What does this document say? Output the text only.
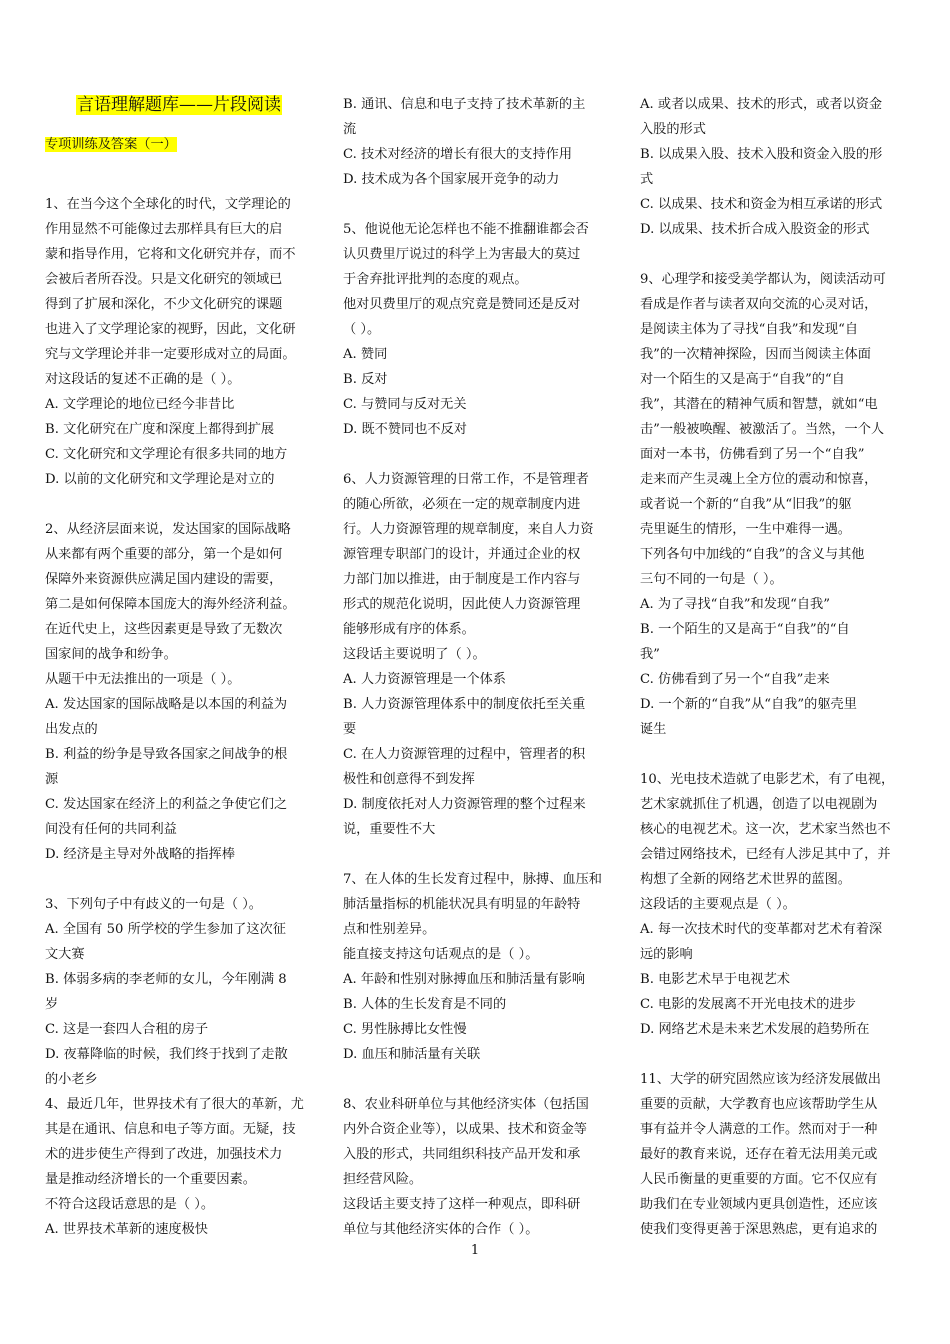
言语理解题库——片段阅读
专项训练及答案（一）

1、在当今这个全球化的时代，文学理论的

作用显然不可能像过去那样具有巨大的启

蒙和指导作用，它将和文化研究并存，而不

会被后者所吞没。只是文化研究的领域已

得到了扩展和深化，不少文化研究的课题

也进入了文学理论家的视野，因此，文化研

究与文学理论并非一定要形成对立的局面。

对这段话的复述不正确的是（ ）。

A. 文学理论的地位已经今非昔比

B. 文化研究在广度和深度上都得到扩展

C. 文化研究和文学理论有很多共同的地方

D. 以前的文化研究和文学理论是对立的

2、从经济层面来说，发达国家的国际战略

从来都有两个重要的部分，第一个是如何

保障外来资源供应满足国内建设的需要，

第二是如何保障本国庞大的海外经济利益。

在近代史上，这些因素更是导致了无数次

国家间的战争和纷争。

从题干中无法推出的一项是（ ）。

A. 发达国家的国际战略是以本国的利益为

出发点的

B. 利益的纷争是导致各国家之间战争的根

源

C. 发达国家在经济上的利益之争使它们之

间没有任何的共同利益

D. 经济是主导对外战略的指挥棒

3、下列句子中有歧义的一句是（ ）。

A. 全国有 50 所学校的学生参加了这次征

文大赛

B. 体弱多病的李老师的女儿，今年刚满 8

岁

C. 这是一套四人合租的房子

D. 夜幕降临的时候，我们终于找到了走散

的小老乡

4、最近几年，世界技术有了很大的革新，尤

其是在通讯、信息和电子等方面。无疑，技

术的进步使生产得到了改进，加强技术力

量是推动经济增长的一个重要因素。

不符合这段话意思的是（ ）。

A. 世界技术革新的速度极快

B. 通讯、信息和电子支持了技术革新的主

流

C. 技术对经济的增长有很大的支持作用

D. 技术成为各个国家展开竞争的动力

5、他说他无论怎样也不能不推翻谁都会否

认贝费里厅说过的科学上为害最大的莫过

于舍弃批评批判的态度的观点。

他对贝费里厅的观点究竟是赞同还是反对

（ ）。

A. 赞同

B. 反对

C. 与赞同与反对无关

D. 既不赞同也不反对

6、人力资源管理的日常工作，不是管理者

的随心所欲，必须在一定的规章制度内进

行。人力资源管理的规章制度，来自人力资

源管理专职部门的设计，并通过企业的权

力部门加以推进，由于制度是工作内容与

形式的规范化说明，因此使人力资源管理

能够形成有序的体系。

这段话主要说明了（ ）。

A. 人力资源管理是一个体系

B. 人力资源管理体系中的制度依托至关重

要

C. 在人力资源管理的过程中，管理者的积

极性和创意得不到发挥

D. 制度依托对人力资源管理的整个过程来

说，重要性不大

7、在人体的生长发育过程中，脉搏、血压和

肺活量指标的机能状况具有明显的年龄特

点和性别差异。

能直接支持这句话观点的是（ ）。

A. 年龄和性别对脉搏血压和肺活量有影响

B. 人体的生长发育是不同的

C. 男性脉搏比女性慢

D. 血压和肺活量有关联

8、农业科研单位与其他经济实体（包括国

内外合资企业等），以成果、技术和资金等

入股的形式，共同组织科技产品开发和承

担经营风险。

这段话主要支持了这样一种观点，即科研

单位与其他经济实体的合作（ ）。

A. 或者以成果、技术的形式，或者以资金

入股的形式

B. 以成果入股、技术入股和资金入股的形

式

C. 以成果、技术和资金为相互承诺的形式

D. 以成果、技术折合成入股资金的形式

9、心理学和接受美学都认为，阅读活动可

看成是作者与读者双向交流的心灵对话，

是阅读主体为了寻找“自我”和发现“自

我”的一次精神探险，因而当阅读主体面

对一个陌生的又是高于“自我”的“自

我”，其潜在的精神气质和智慧，就如“电

击”一般被唤醒、被激活了。当然，一个人

面对一本书，仿佛看到了另一个“自我”

走来而产生灵魂上全方位的震动和惊喜，

或者说一个新的“自我”从“旧我”的躯

壳里诞生的情形，一生中难得一遇。

下列各句中加线的“自我”的含义与其他

三句不同的一句是（ ）。

A. 为了寻找“自我”和发现“自我”

B. 一个陌生的又是高于“自我”的“自

我”

C. 仿佛看到了另一个“自我”走来

D. 一个新的“自我”从“自我”的躯壳里

诞生

10、光电技术造就了电影艺术，有了电视，

艺术家就抓住了机遇，创造了以电视剧为

核心的电视艺术。这一次，艺术家当然也不

会错过网络技术，已经有人涉足其中了，并

构想了全新的网络艺术世界的蓝图。

这段话的主要观点是（ ）。

A. 每一次技术时代的变革都对艺术有着深

远的影响

B. 电影艺术早于电视艺术

C. 电影的发展离不开光电技术的进步

D. 网络艺术是未来艺术发展的趋势所在

11、大学的研究固然应该为经济发展做出

重要的贡献，大学教育也应该帮助学生从

事有益并令人满意的工作。然而对于一种

最好的教育来说，还存在着无法用美元或

人民币衡量的更重要的方面。它不仅应有

助我们在专业领域内更具创造性，还应该

使我们变得更善于深思熟虑，更有追求的

1
